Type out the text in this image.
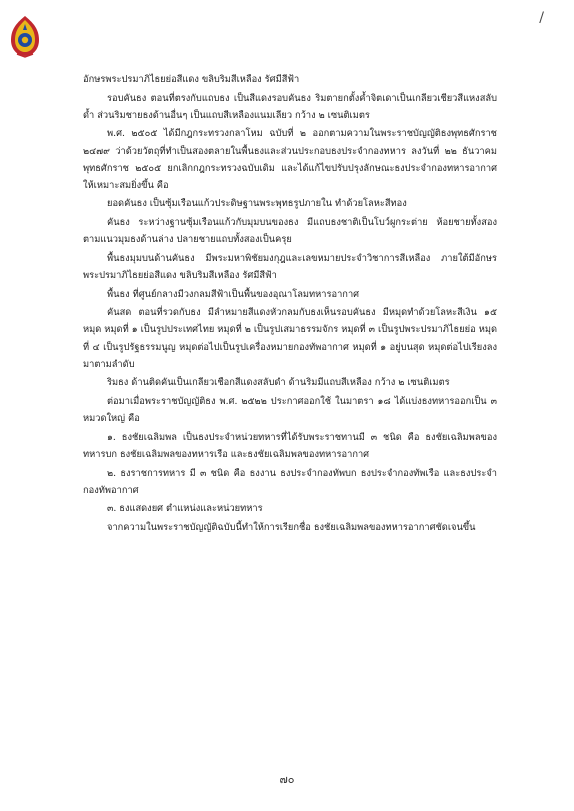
/

อักษรพระปรมาภิไธยย่อสีแดง ขลิบริมสีเหลือง รัศมีสีฟ้า

รอบคันธง ตอนที่ตรงกับแถบธง เป็นสีแดงรอบคันธง ริมตายกตั้งค้ำจิตเดาเป็นเกลียวเชียวสีแหงสลับด้ำ ส่วนริมชายธงด้านอื่นๆ เป็นแถบสีเหลืองแนมเลียว กว้าง ๒ เซนติเมตร

พ.ศ. ๒๕๐๕ ได้มีกฎกระทรวงกลาโหม ฉบับที่ ๒ ออกตามความในพระราชบัญญัติธงพุทธศักราช ๒๔๗๙ ว่าด้วยวัตถุที่ทำเป็นสองตลายในพื้นธงและส่วนประกอบธงประจำกองทหาร ลงวันที่ ๒๒ ธันวาคม พุทธศักราช ๒๕๐๕ ยกเลิกกฎกระทรวงฉบับเดิม และได้แก้ไขปรับปรุงลักษณะธงประจำกองทหารอากาศให้เหมาะสมยิ่งขึ้น คือ

ยอดคันธง เป็นซุ้มเรือนแก้วประดิษฐานพระพุทธรูปภายใน ทำด้วยโลหะสีทอง

คันธง ระหว่างฐานซุ้มเรือนแก้วกับมุมบนของธง มีแถบธงชาติเป็นโบว์ผูกระต่าย ห้อยชายทั้งสองตามแนวมุมธงด้านล่าง ปลายชายแถบทั้งสองเป็นครุย

พื้นธงมุมบนด้านคันธง มีพระมหาพิชัยมงกุฎและเลขหมายประจำวิชาการสีเหลือง ภายใต้มีอักษรพระปรมาภิไธยย่อสีแดง ขลิบริมสีเหลือง รัศมีสีฟ้า

พื้นธง ที่ศูนย์กลางมีวงกลมสีฟ้าเป็นพื้นของอุณาโลมทหารอากาศ

คันสด ตอนที่รวดกับธง มีลำหมายสีแดงหัวกลมกับธงเห็นรอบคันธง มีหมุดทำด้วยโลหะสีเงิน ๑๕ หมุด หมุดที่ ๑ เป็นรูปประเทศไทย หมุดที่ ๒ เป็นรูปเสมาธรรมจักร หมุดที่ ๓ เป็นรูปพระปรมาภิไธยย่อ หมุดที่ ๔ เป็นรูปรัฐธรรมนูญ หมุดต่อไปเป็นรูปเครื่องหมายกองทัพอากาศ หมุดที่ ๑ อยู่บนสุด หมุดต่อไปเรียงลงมาตามลำดับ

ริมธง ด้านติดคันเป็นเกลียวเชือกสีแดงสลับดำ ด้านริมมีแถบสีเหลือง กว้าง ๒ เซนติเมตร

ต่อมาเมื่อพระราชบัญญัติธง พ.ศ. ๒๕๒๒ ประกาศออกใช้ ในมาตรา ๑๘ ได้แบ่งธงทหารออกเป็น ๓ หมวดใหญ่ คือ

๑. ธงชัยเฉลิมพล เป็นธงประจำหน่วยทหารที่ได้รับพระราชทานมี ๓ ชนิด คือ ธงชัยเฉลิมพลของทหารบก ธงชัยเฉลิมพลของทหารเรือ และธงชัยเฉลิมพลของทหารอากาศ

๒. ธงราชการทหาร มี ๓ ชนิด คือ ธงงาน ธงประจำกองทัพบก ธงประจำกองทัพเรือ และธงประจำกองทัพอากาศ

๓. ธงแสดงยศ ตำแหน่งและหน่วยทหาร

จากความในพระราชบัญญัติฉบับนี้ทำให้การเรียกชื่อ ธงชัยเฉลิมพลของทหารอากาศชัดเจนขึ้น

๗๐
